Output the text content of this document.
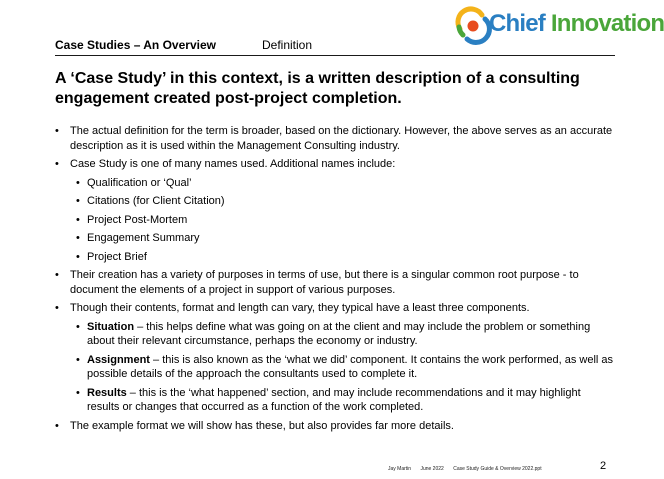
Case Studies – An Overview	Definition
Chief Innovation
A ‘Case Study’ in this context, is a written description of a consulting engagement created post-project completion.
• The actual definition for the term is broader, based on the dictionary. However, the above serves as an accurate description as it is used within the Management Consulting industry.
• Case Study is one of many names used. Additional names include:
• Qualification or ‘Qual’
• Citations (for Client Citation)
• Project Post-Mortem
• Engagement Summary
• Project Brief
• Their creation has a variety of purposes in terms of use, but there is a singular common root purpose - to document the elements of a project in support of various purposes.
• Though their contents, format and length can vary, they typical have a least three components.
• Situation – this helps define what was going on at the client and may include the problem or something about their relevant circumstance, perhaps the economy or industry.
• Assignment – this is also known as the ‘what we did’ component. It contains the work performed, as well as possible details of the approach the consultants used to complete it.
• Results – this is the ‘what happened’ section, and may include recommendations and it may highlight results or changes that occurred as a function of the work completed.
• The example format we will show has these, but also provides far more details.
Jay Martin June 2022 Case Study Guide & Overview 2022.ppt	2
